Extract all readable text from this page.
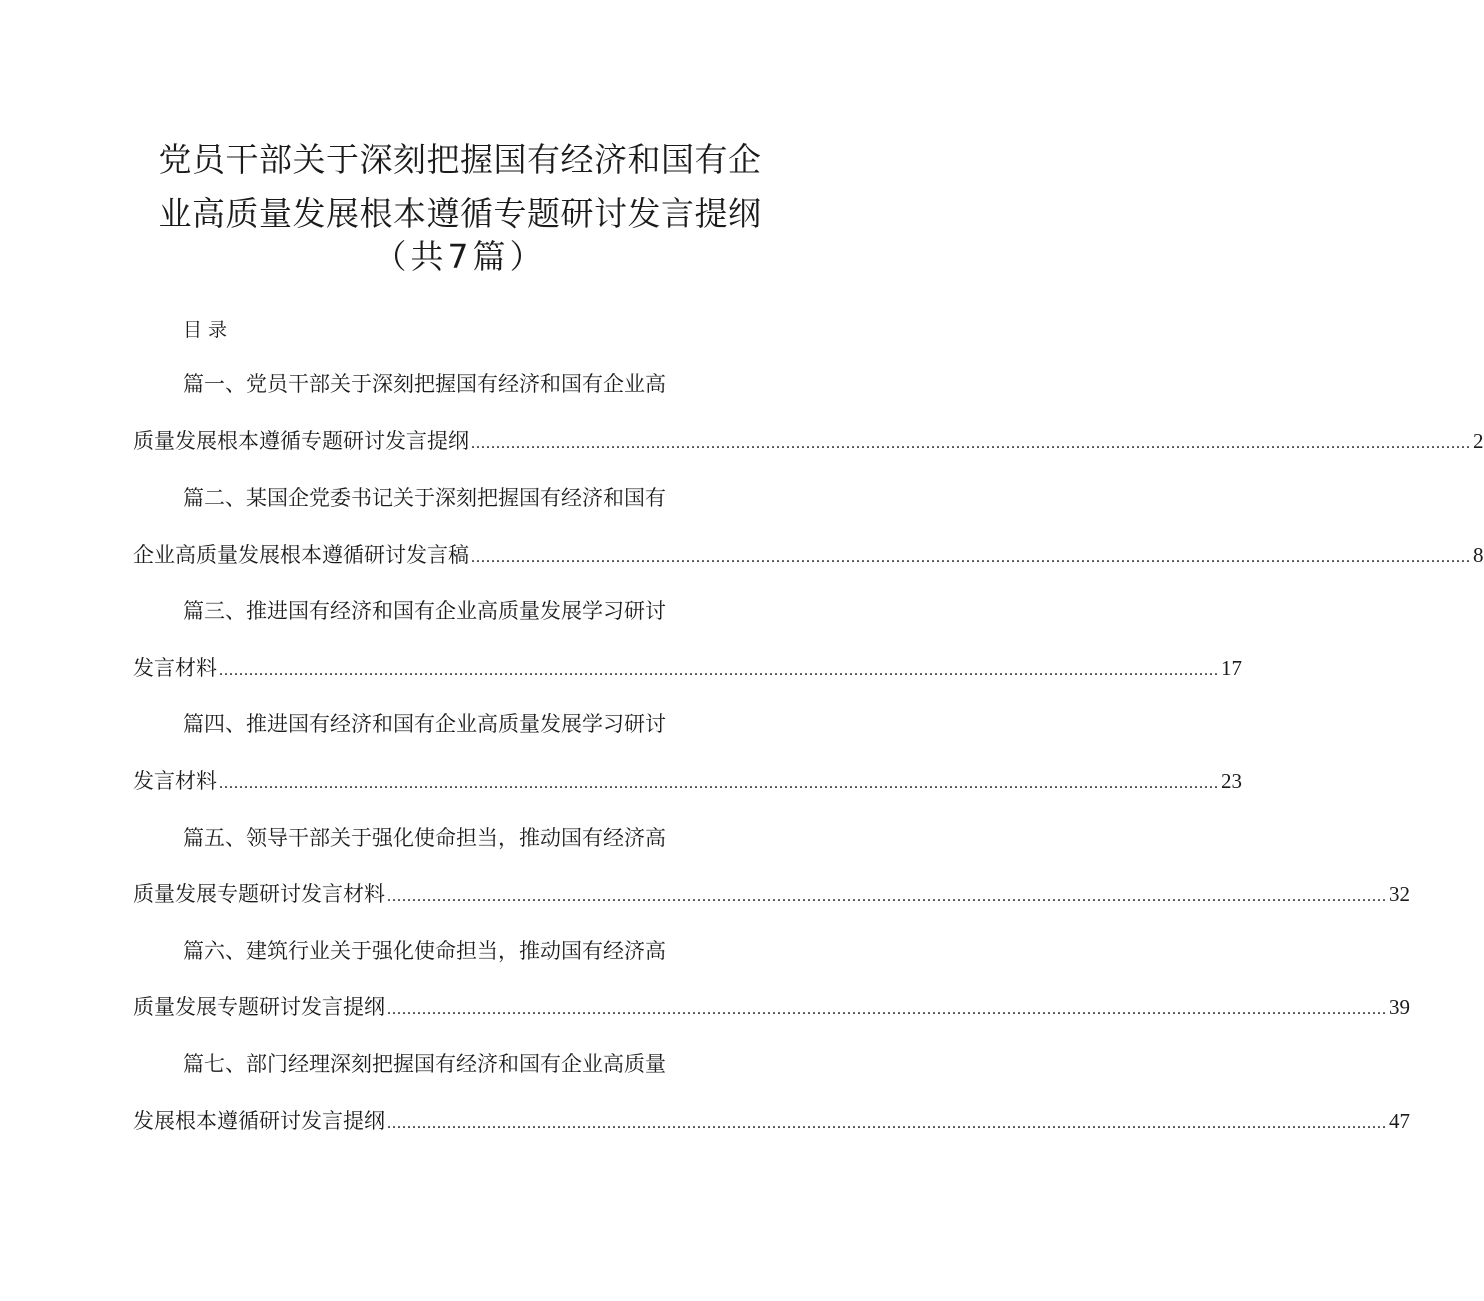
党员干部关于深刻把握国有经济和国有企
业高质量发展根本遵循专题研讨发言提纲
（共7篇）
目录
篇一、党员干部关于深刻把握国有经济和国有企业高
质量发展根本遵循专题研讨发言提纲 ........................................................................................................................................................................................................ 2
篇二、某国企党委书记关于深刻把握国有经济和国有
企业高质量发展根本遵循研讨发言稿 ........................................................................................................................................................................................................ 8
篇三、推进国有经济和国有企业高质量发展学习研讨
发言材料 ........................................................................................................................................................................................................ 17
篇四、推进国有经济和国有企业高质量发展学习研讨
发言材料 ........................................................................................................................................................................................................ 23
篇五、领导干部关于强化使命担当，推动国有经济高
质量发展专题研讨发言材料 ........................................................................................................................................................................................................ 32
篇六、建筑行业关于强化使命担当，推动国有经济高
质量发展专题研讨发言提纲 ........................................................................................................................................................................................................ 39
篇七、部门经理深刻把握国有经济和国有企业高质量
发展根本遵循研讨发言提纲 ........................................................................................................................................................................................................ 47
